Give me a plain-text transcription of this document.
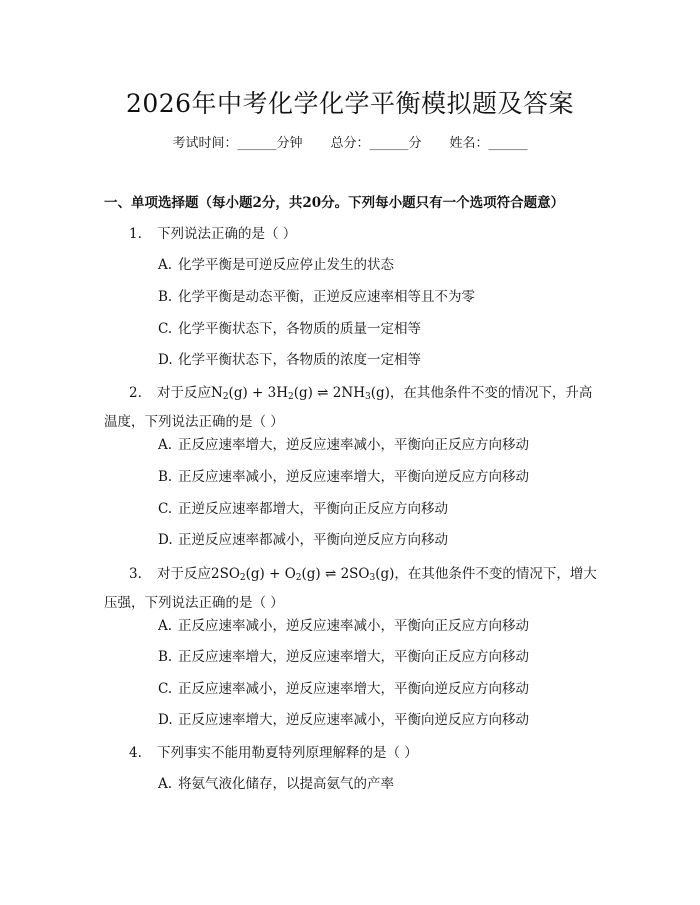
2026年中考化学化学平衡模拟题及答案
考试时间：______分钟 总分：______分 姓名：______
一、单项选择题（每小题2分，共20分。下列每小题只有一个选项符合题意）

1. 下列说法正确的是（ ）

A. 化学平衡是可逆反应停止发生的状态

B. 化学平衡是动态平衡，正逆反应速率相等且不为零

C. 化学平衡状态下，各物质的质量一定相等

D. 化学平衡状态下，各物质的浓度一定相等

2. 对于反应$N_2(g) + 3H_2(g)$ ⇌ $2NH_3(g)$，在其他条件不变的情况下，升高温度，下列说法正确的是（ ）

A. 正反应速率增大，逆反应速率减小，平衡向正反应方向移动

B. 正反应速率减小，逆反应速率增大，平衡向逆反应方向移动

C. 正逆反应速率都增大，平衡向正反应方向移动

D. 正逆反应速率都减小，平衡向逆反应方向移动

3. 对于反应$2SO_2(g) + O_2(g)$ ⇌ $2SO_3(g)$，在其他条件不变的情况下，增大压强，下列说法正确的是（ ）

A. 正反应速率减小，逆反应速率减小，平衡向正反应方向移动

B. 正反应速率增大，逆反应速率增大，平衡向正反应方向移动

C. 正反应速率减小，逆反应速率增大，平衡向逆反应方向移动

D. 正反应速率增大，逆反应速率减小，平衡向逆反应方向移动

4. 下列事实不能用勒夏特列原理解释的是（ ）

A. 将氨气液化储存，以提高氨气的产率
